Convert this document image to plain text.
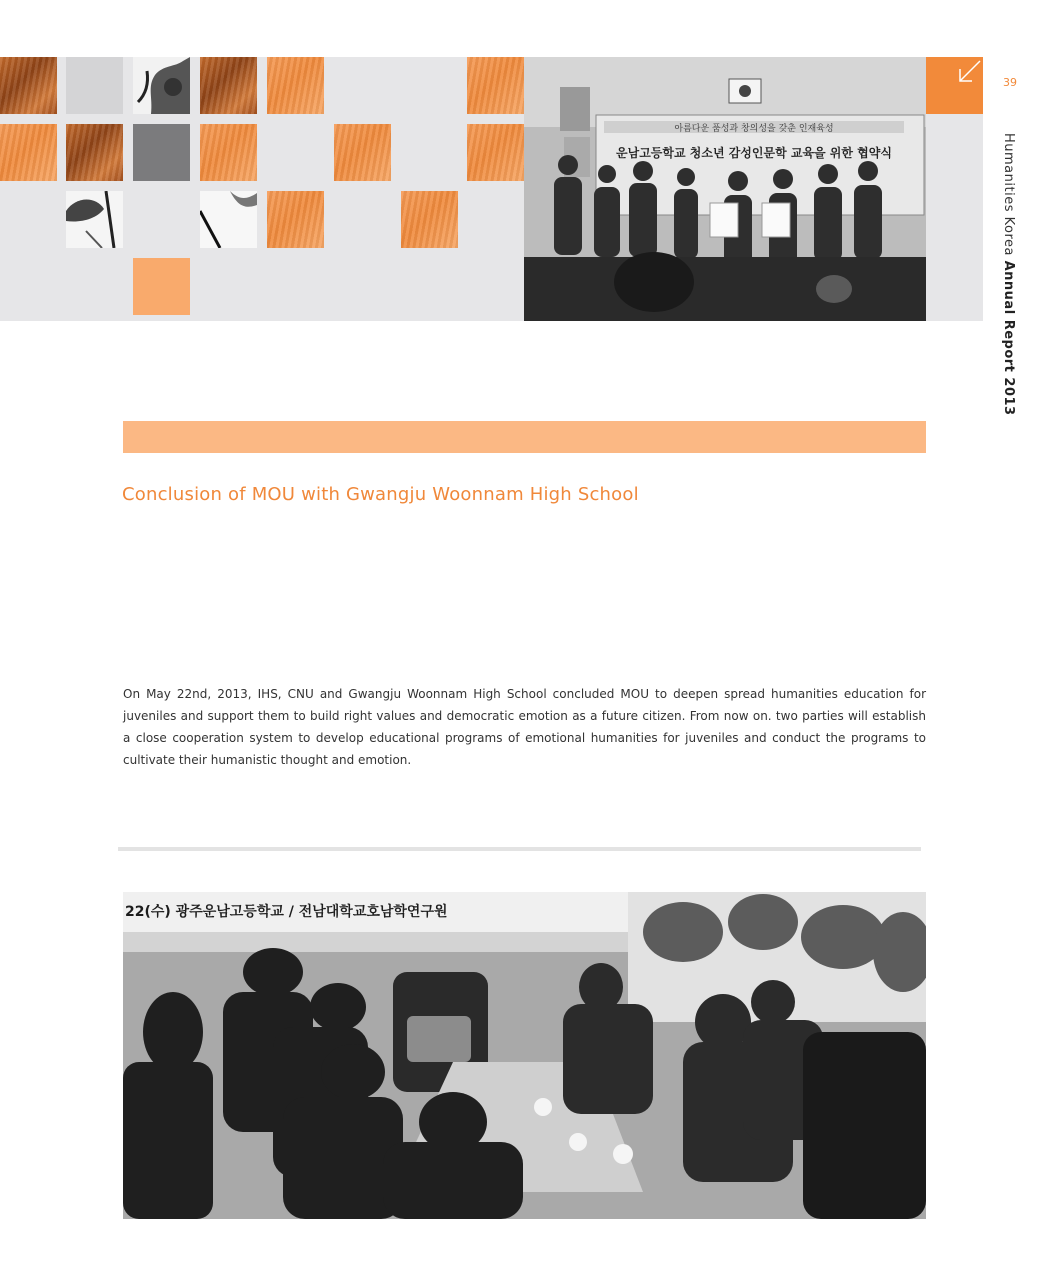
아름다운 품성과 창의성을 갖춘 인재육성
운남고등학교 청소년 감성인문학 교육을 위한 협약식
39
Humanities Korea Annual Report 2013
Conclusion of MOU with Gwangju Woonnam High School

On May 22nd, 2013, IHS, CNU and Gwangju Woonnam High School concluded MOU to deepen spread humanities education for juveniles and support them to build right values and democratic emotion as a future citizen. From now on. two parties will establish a close cooperation system to develop educational programs of emotional humanities for juveniles and conduct the programs to cultivate their humanistic thought and emotion.

22(수) 광주운남고등학교 / 전남대학교호남학연구원
